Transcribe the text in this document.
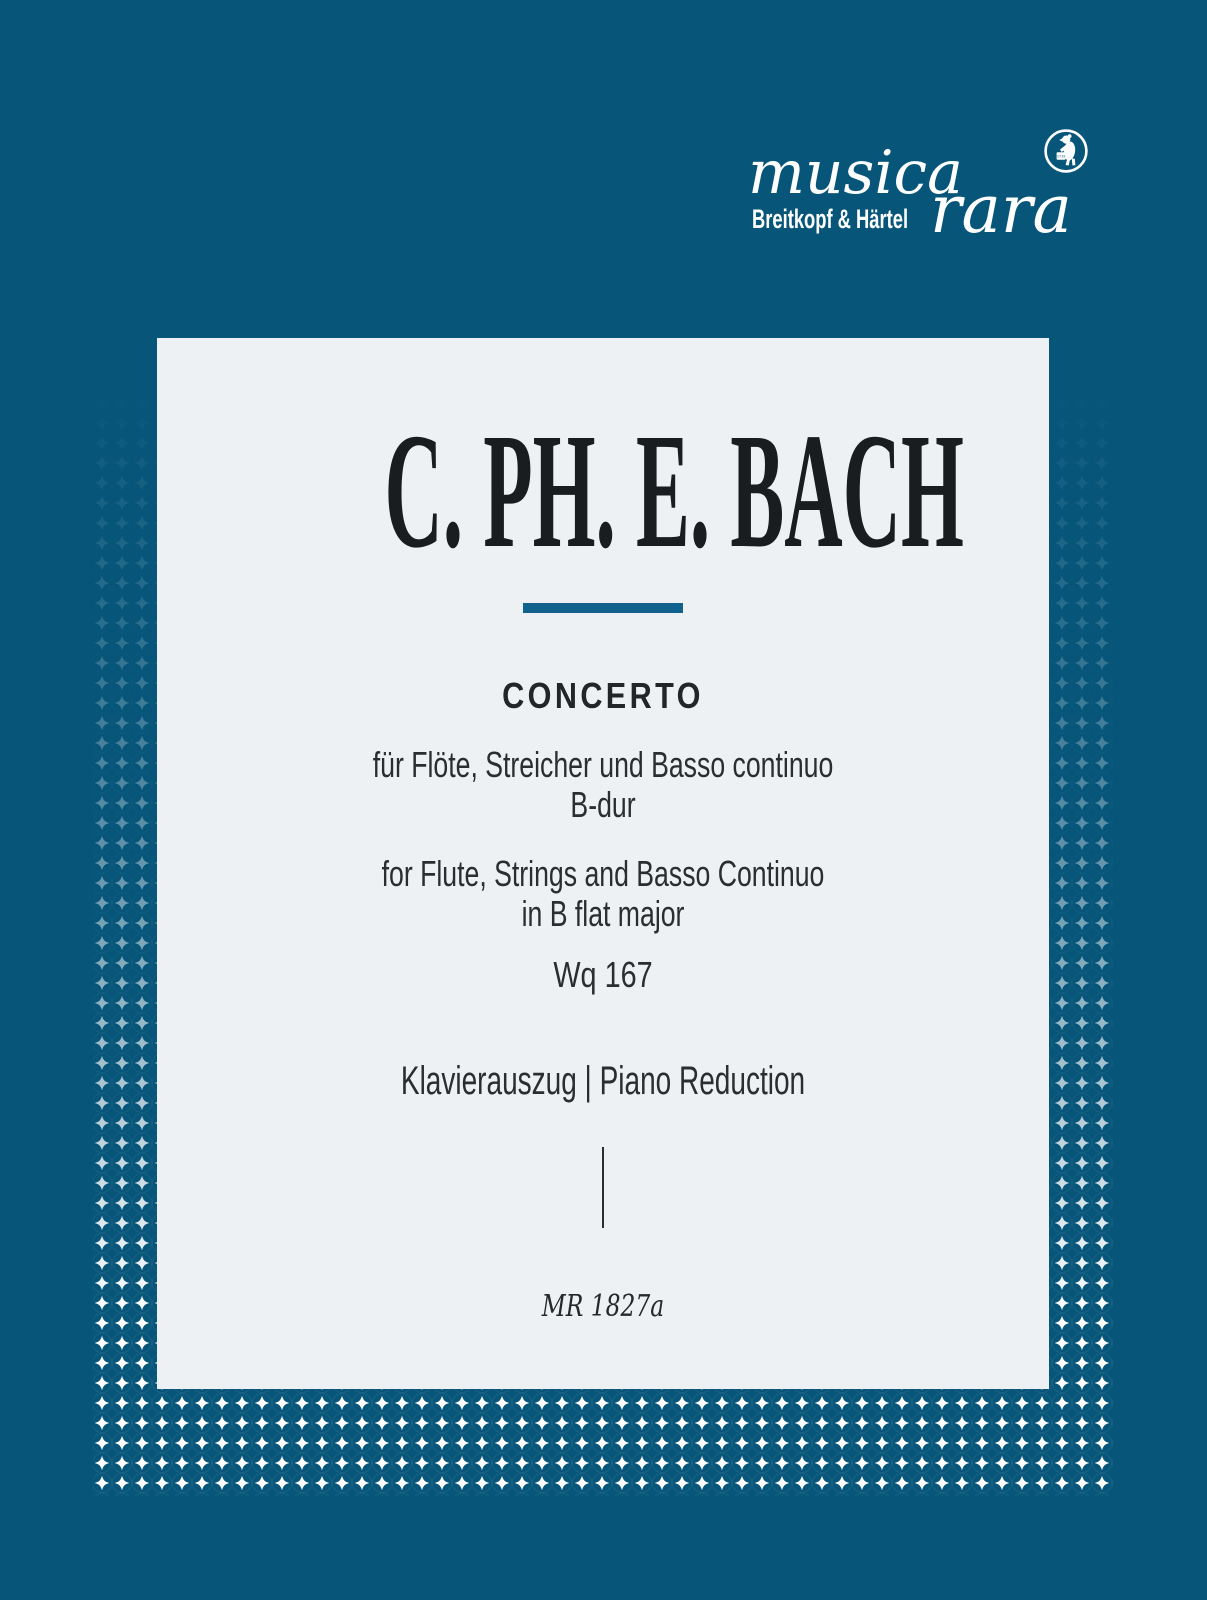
musica
rara
Breitkopf & Härtel
1719
C. PH. E. BACH
CONCERTO
für Flöte, Streicher und Basso continuo
B-dur
for Flute, Strings and Basso Continuo
in B flat major
Wq 167
Klavierauszug | Piano Reduction
MR 1827a
